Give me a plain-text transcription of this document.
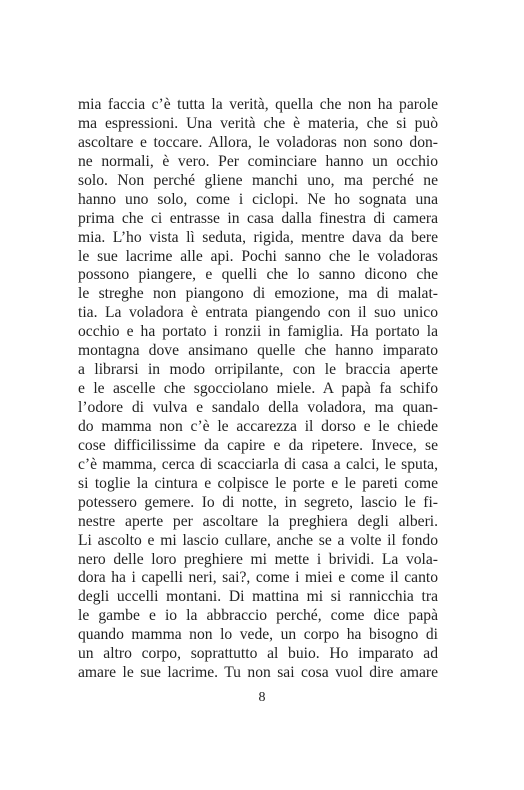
mia faccia c’è tutta la verità, quella che non ha parole
ma espressioni. Una verità che è materia, che si può
ascoltare e toccare. Allora, le voladoras non sono don-
ne normali, è vero. Per cominciare hanno un occhio
solo. Non perché gliene manchi uno, ma perché ne
hanno uno solo, come i ciclopi. Ne ho sognata una
prima che ci entrasse in casa dalla finestra di camera
mia. L’ho vista lì seduta, rigida, mentre dava da bere
le sue lacrime alle api. Pochi sanno che le voladoras
possono piangere, e quelli che lo sanno dicono che
le streghe non piangono di emozione, ma di malat-
tia. La voladora è entrata piangendo con il suo unico
occhio e ha portato i ronzii in famiglia. Ha portato la
montagna dove ansimano quelle che hanno imparato
a librarsi in modo orripilante, con le braccia aperte
e le ascelle che sgocciolano miele. A papà fa schifo
l’odore di vulva e sandalo della voladora, ma quan-
do mamma non c’è le accarezza il dorso e le chiede
cose difficilissime da capire e da ripetere. Invece, se
c’è mamma, cerca di scacciarla di casa a calci, le sputa,
si toglie la cintura e colpisce le porte e le pareti come
potessero gemere. Io di notte, in segreto, lascio le fi-
nestre aperte per ascoltare la preghiera degli alberi.
Li ascolto e mi lascio cullare, anche se a volte il fondo
nero delle loro preghiere mi mette i brividi. La vola-
dora ha i capelli neri, sai?, come i miei e come il canto
degli uccelli montani. Di mattina mi si rannicchia tra
le gambe e io la abbraccio perché, come dice papà
quando mamma non lo vede, un corpo ha bisogno di
un altro corpo, soprattutto al buio. Ho imparato ad
amare le sue lacrime. Tu non sai cosa vuol dire amare
8
